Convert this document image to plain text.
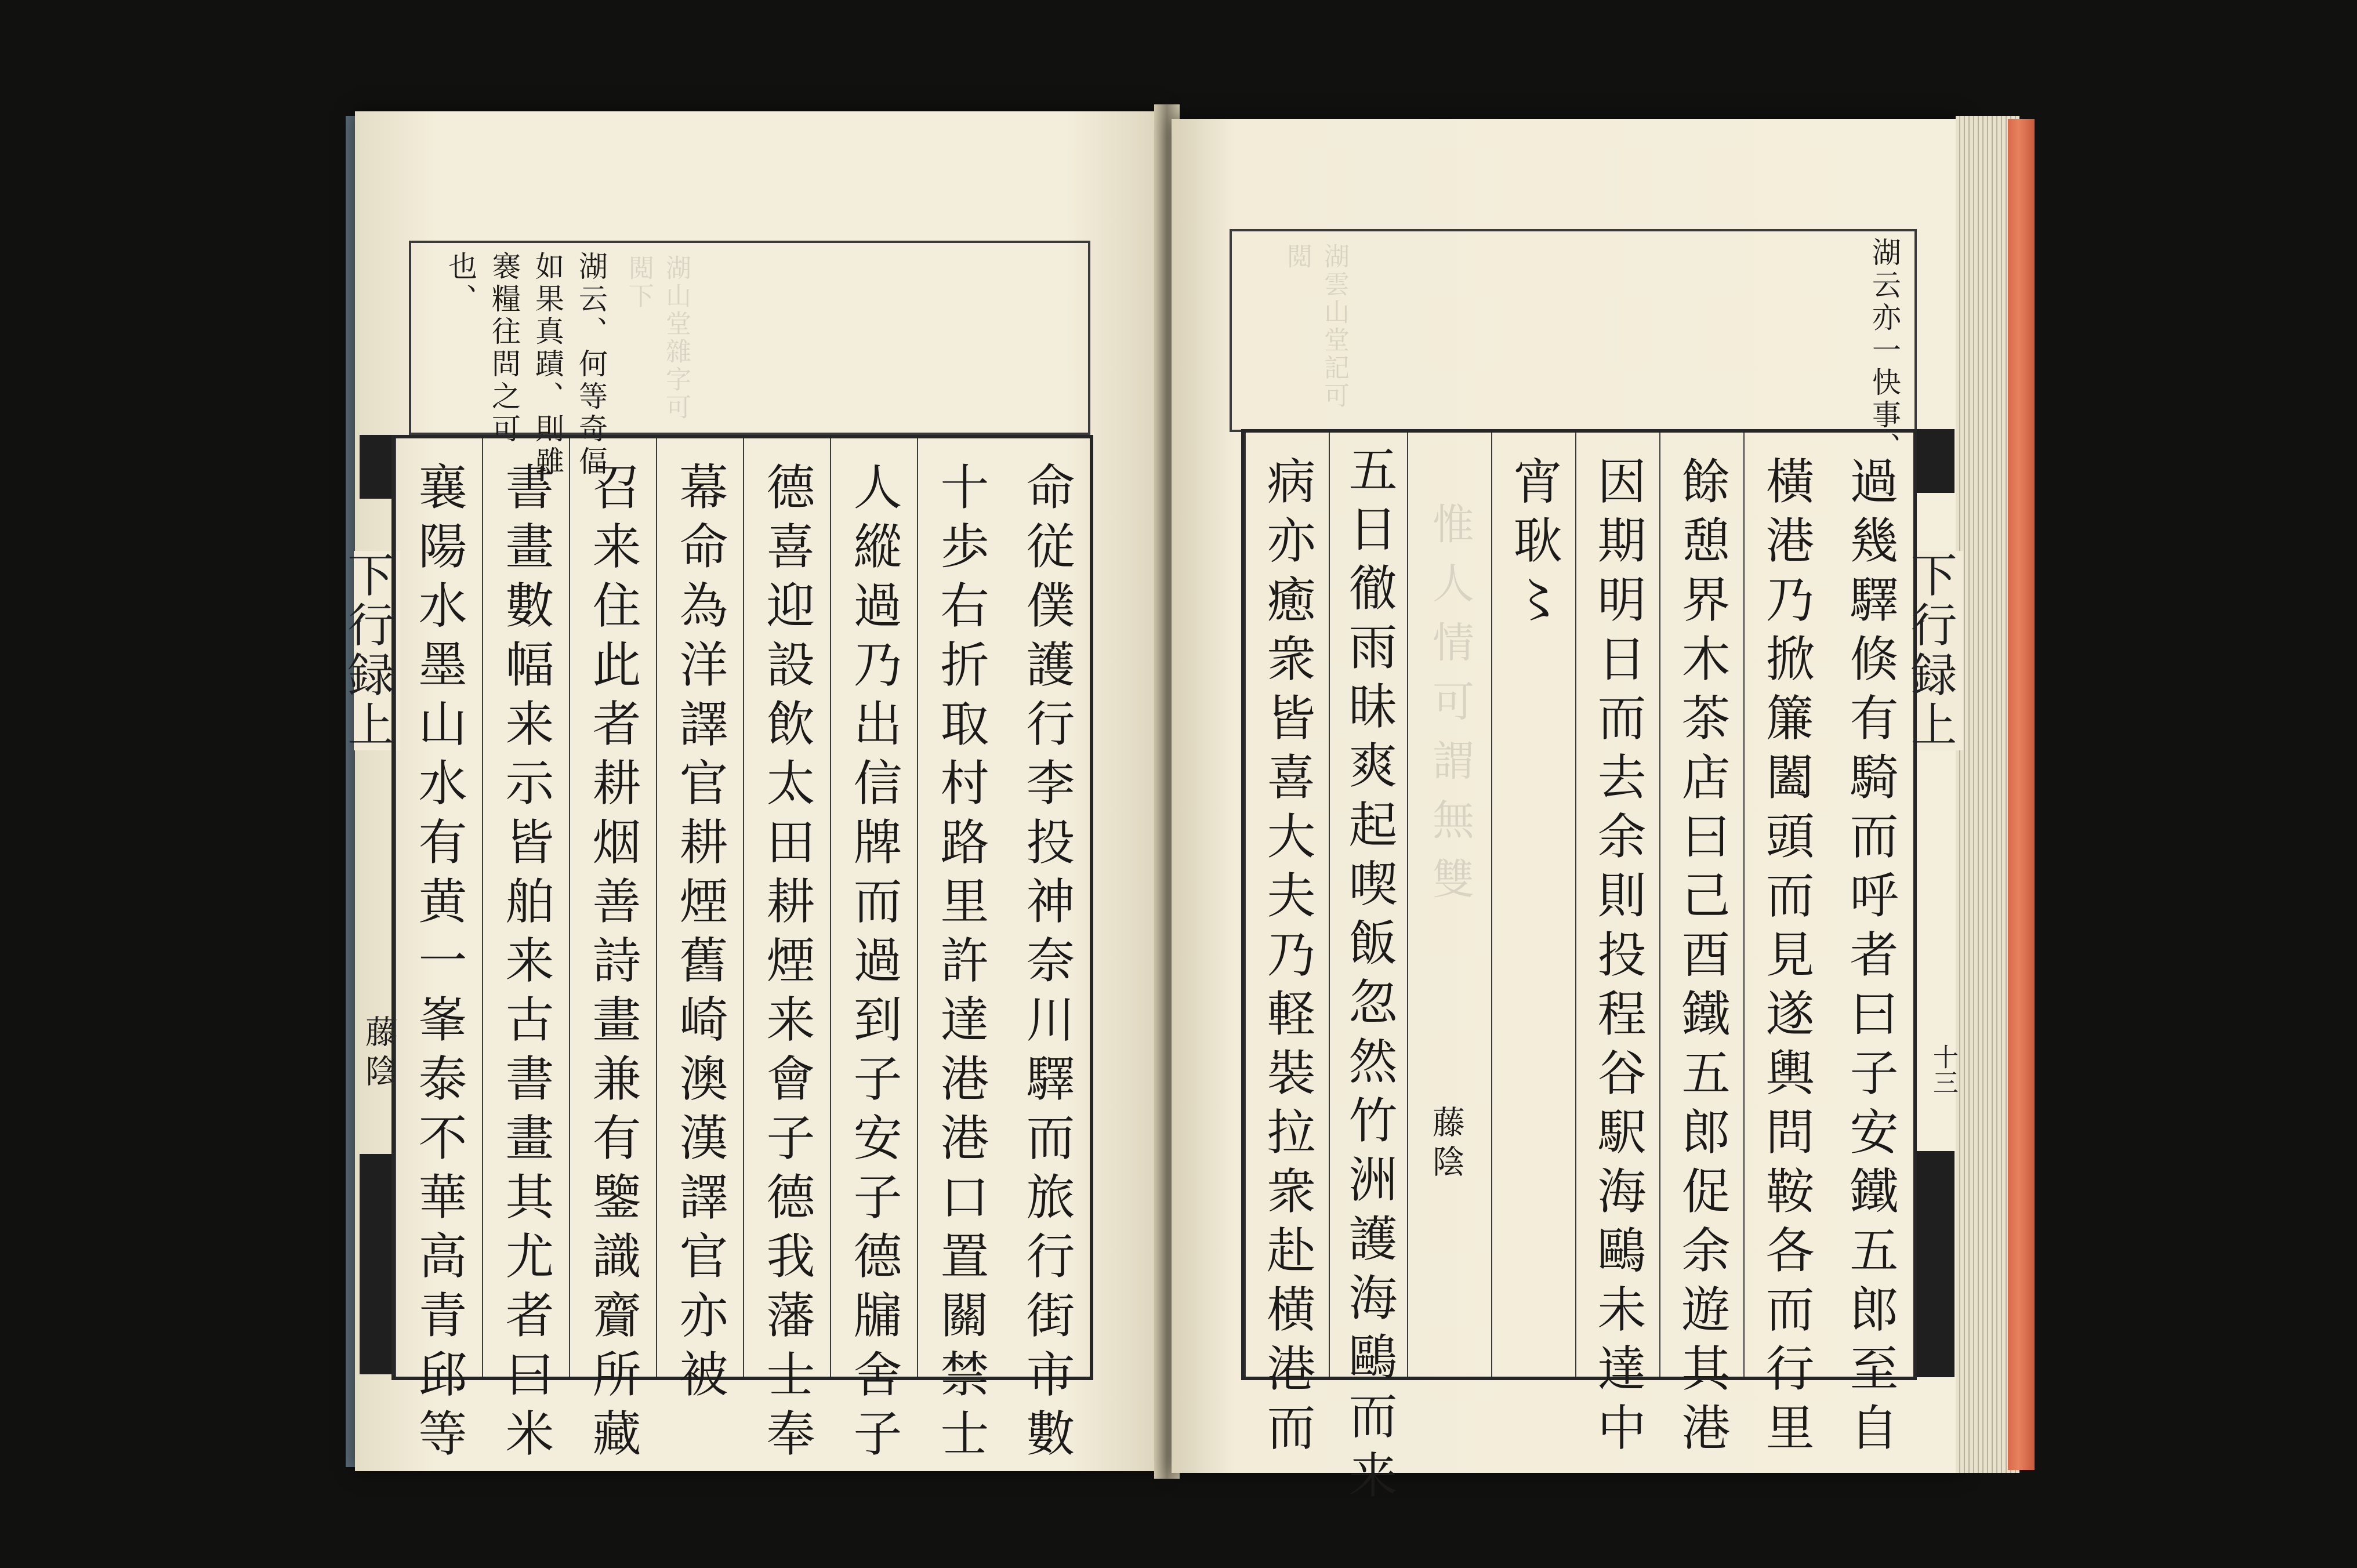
湖山堂雜字可閲下
湖云、何等奇偪、
如果真蹟、則雖
褰糧往問之可
也、
下行録上
藤陰	命従僕護行李投神奈川驛而旅行街市數
十歩右折取村路里許達港港口置關禁士
人縱過乃出信牌而過到子安子德牖舍子
德喜迎設飲太田耕煙来會子德我藩士奉
幕命為洋譯官耕煙舊崎澳漢譯官亦被
召来住此者耕烟善詩畫兼有鑒識齎所藏
書畫數幅来示皆舶来古書畫其尤者曰米
襄陽水墨山水有黄一峯泰不華高青邱等
湖雲山堂記可閲	湖云亦一快事、
下行録上
十三
過幾驛倏有騎而呼者曰子安鐵五郎至自
橫港乃掀簾闔頭而見遂輿問鞍各而行里
餘憩界木茶店曰己酉鐵五郎促余遊其港
因期明日而去余則投程谷駅海鷗未達中
宵耿〻
藤陰
惟人情可謂無雙
五日徹雨昧爽起喫飯忽然竹洲護海鷗而来
病亦癒衆皆喜大夫乃軽裝拉衆赴横港而
